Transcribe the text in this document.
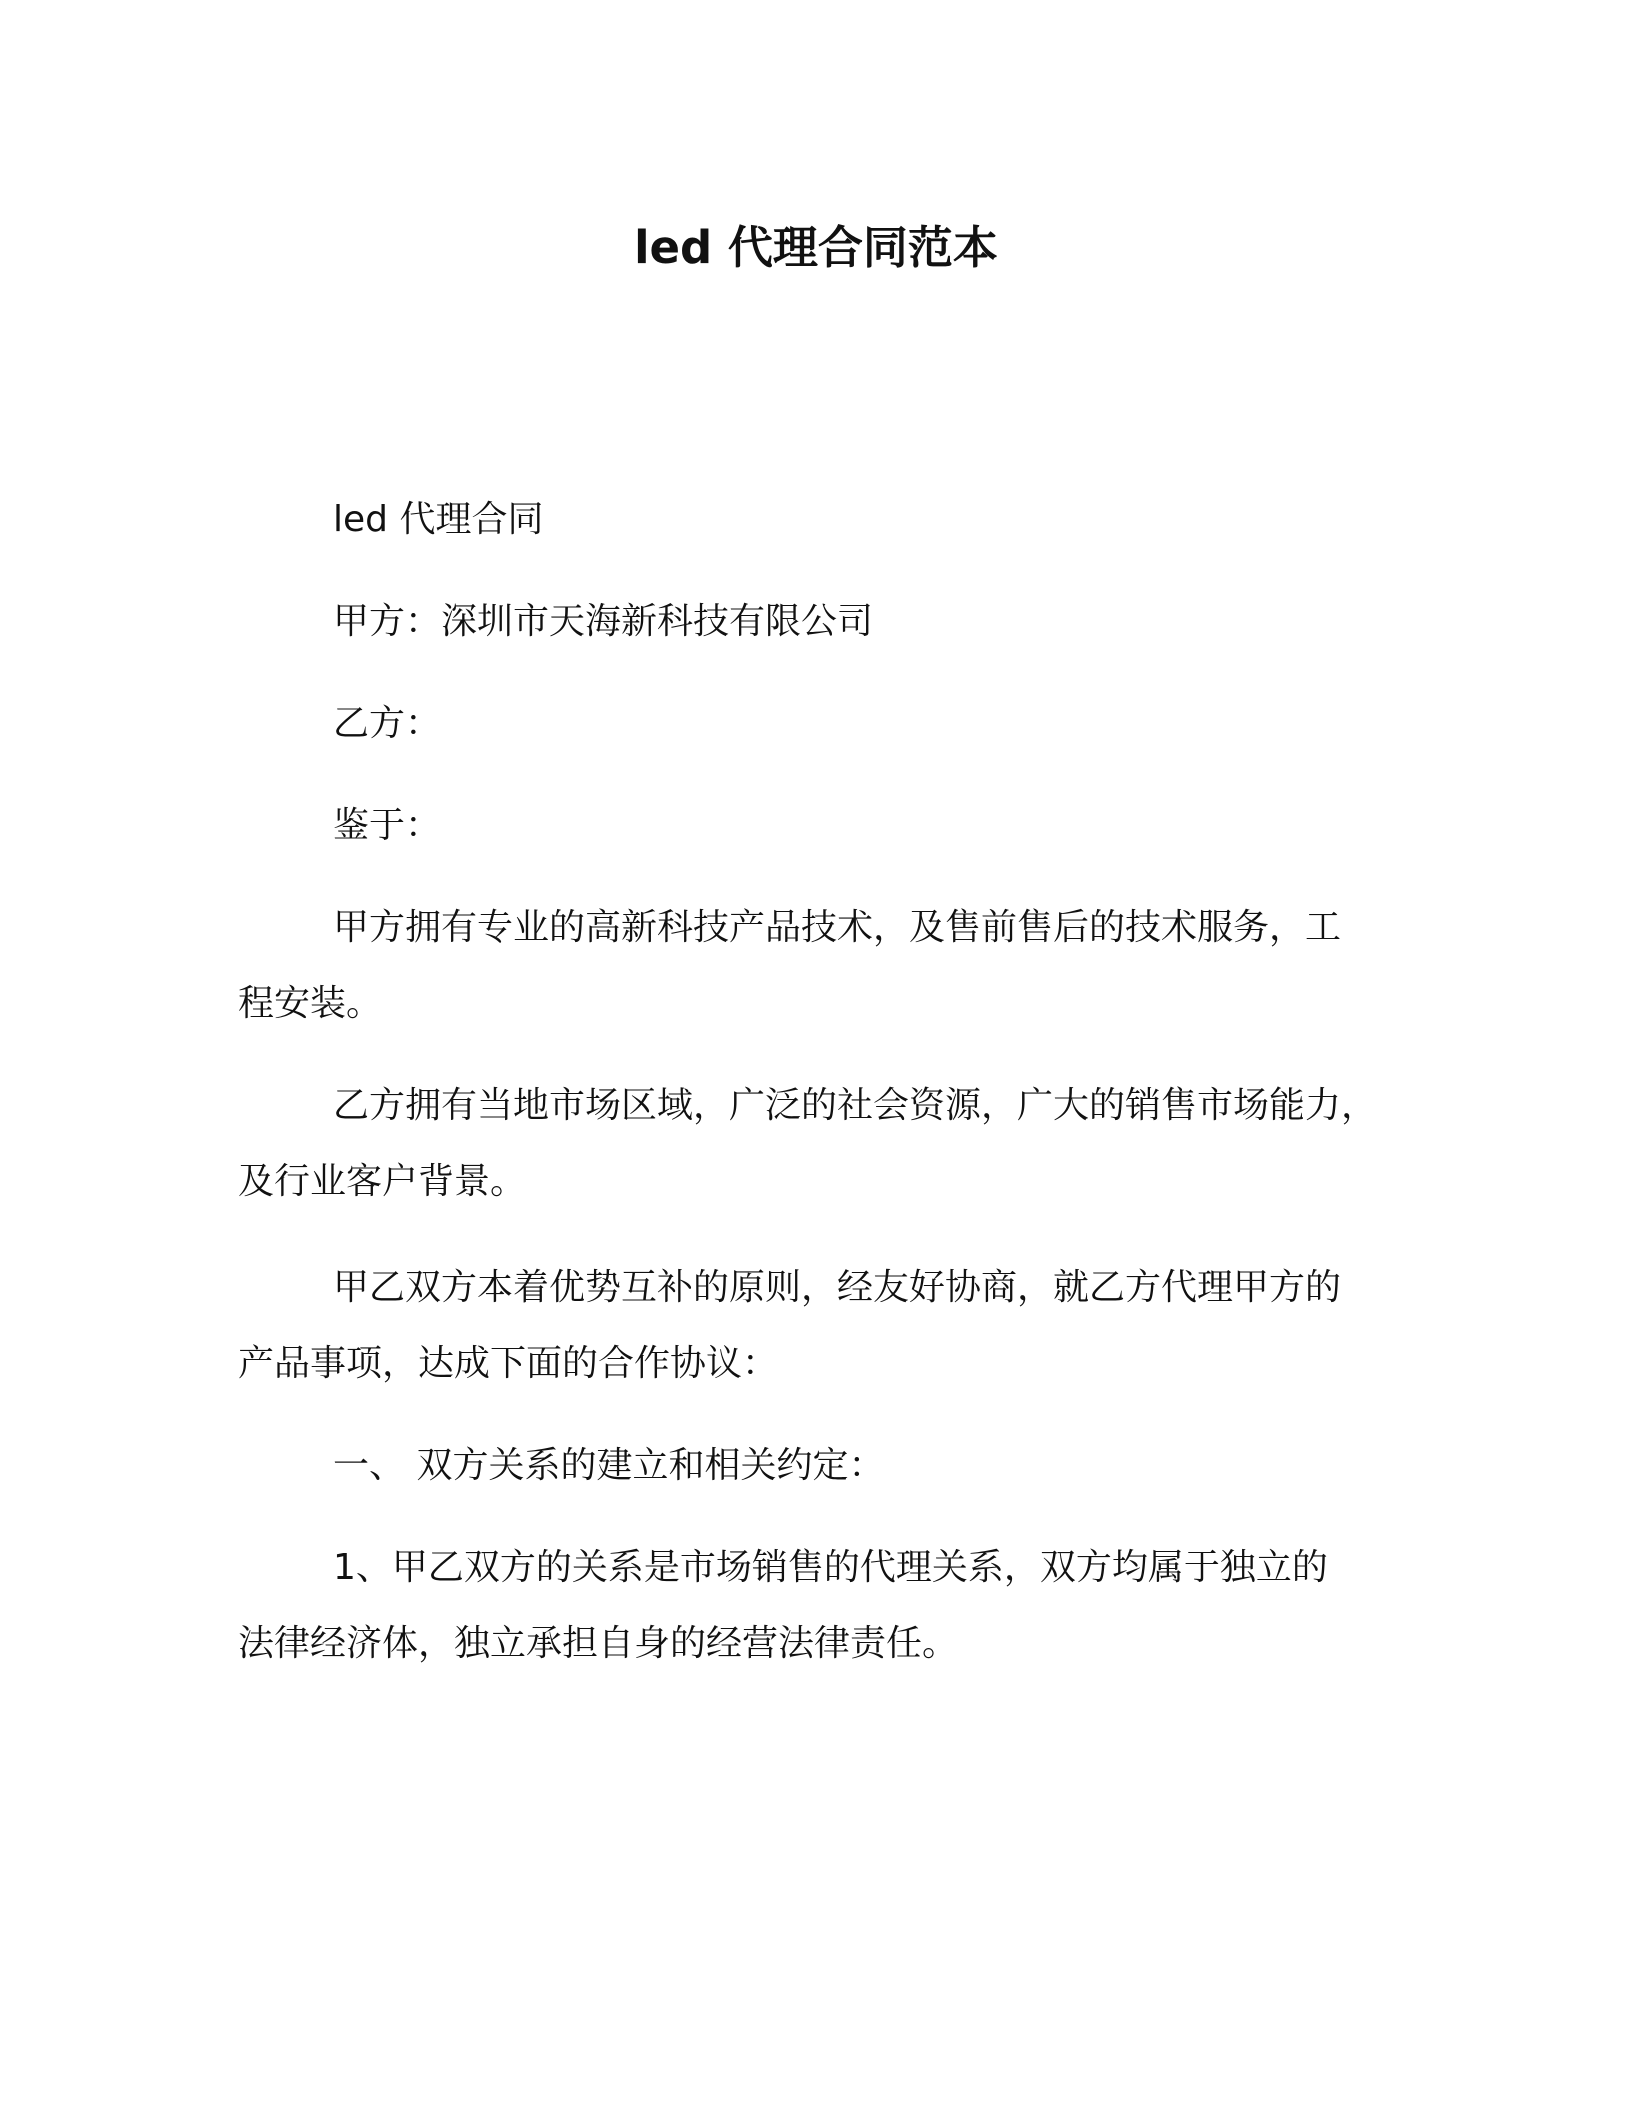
led 代理合同范本

led 代理合同

甲方：深圳市天海新科技有限公司

乙方：

鉴于：

甲方拥有专业的高新科技产品技术，及售前售后的技术服务，工

程安装。

乙方拥有当地市场区域，广泛的社会资源，广大的销售市场能力，

及行业客户背景。

甲乙双方本着优势互补的原则，经友好协商，就乙方代理甲方的

产品事项，达成下面的合作协议：

一、 双方关系的建立和相关约定：

1、甲乙双方的关系是市场销售的代理关系，双方均属于独立的

法律经济体，独立承担自身的经营法律责任。
